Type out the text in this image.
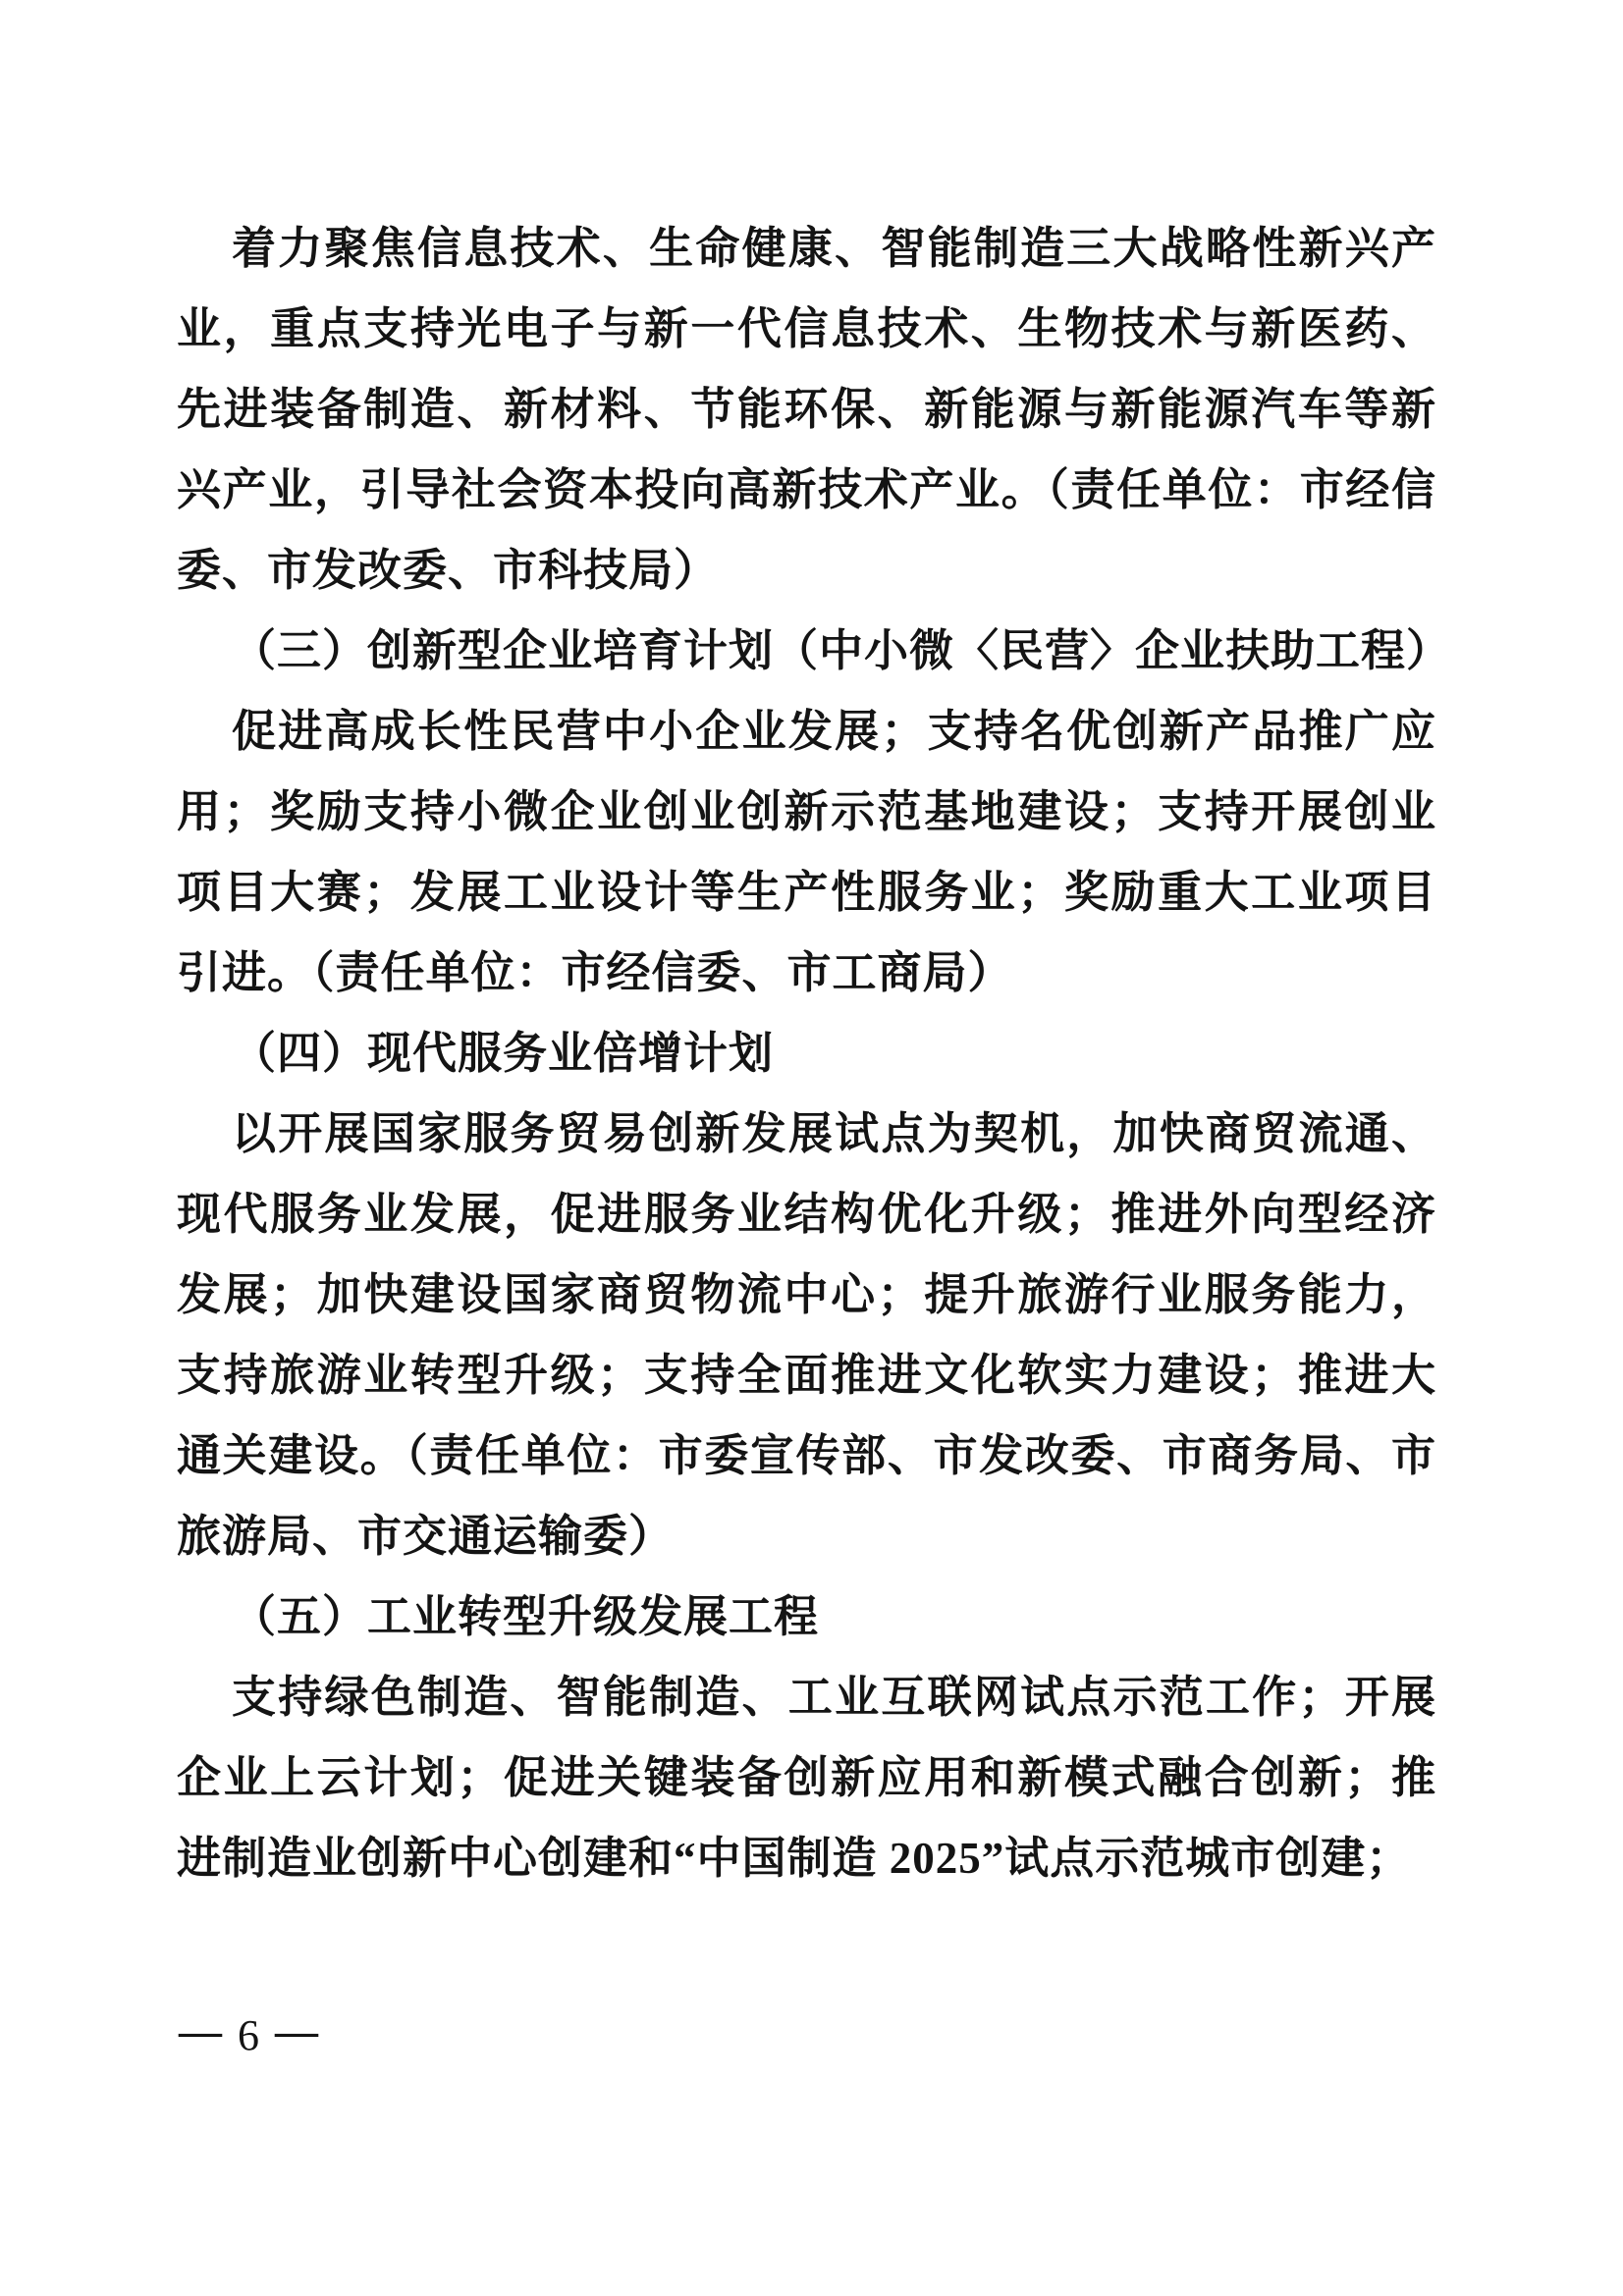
着力聚焦信息技术、生命健康、智能制造三大战略性新兴产业，重点支持光电子与新一代信息技术、生物技术与新医药、先进装备制造、新材料、节能环保、新能源与新能源汽车等新兴产业，引导社会资本投向高新技术产业。（责任单位：市经信委、市发改委、市科技局）

（三）创新型企业培育计划（中小微〈民营〉企业扶助工程）

促进高成长性民营中小企业发展；支持名优创新产品推广应用；奖励支持小微企业创业创新示范基地建设；支持开展创业项目大赛；发展工业设计等生产性服务业；奖励重大工业项目引进。（责任单位：市经信委、市工商局）

（四）现代服务业倍增计划

以开展国家服务贸易创新发展试点为契机，加快商贸流通、现代服务业发展，促进服务业结构优化升级；推进外向型经济发展；加快建设国家商贸物流中心；提升旅游行业服务能力，支持旅游业转型升级；支持全面推进文化软实力建设；推进大通关建设。（责任单位：市委宣传部、市发改委、市商务局、市旅游局、市交通运输委）

（五）工业转型升级发展工程

支持绿色制造、智能制造、工业互联网试点示范工作；开展企业上云计划；促进关键装备创新应用和新模式融合创新；推进制造业创新中心创建和“中国制造 2025”试点示范城市创建；

— 6 —
